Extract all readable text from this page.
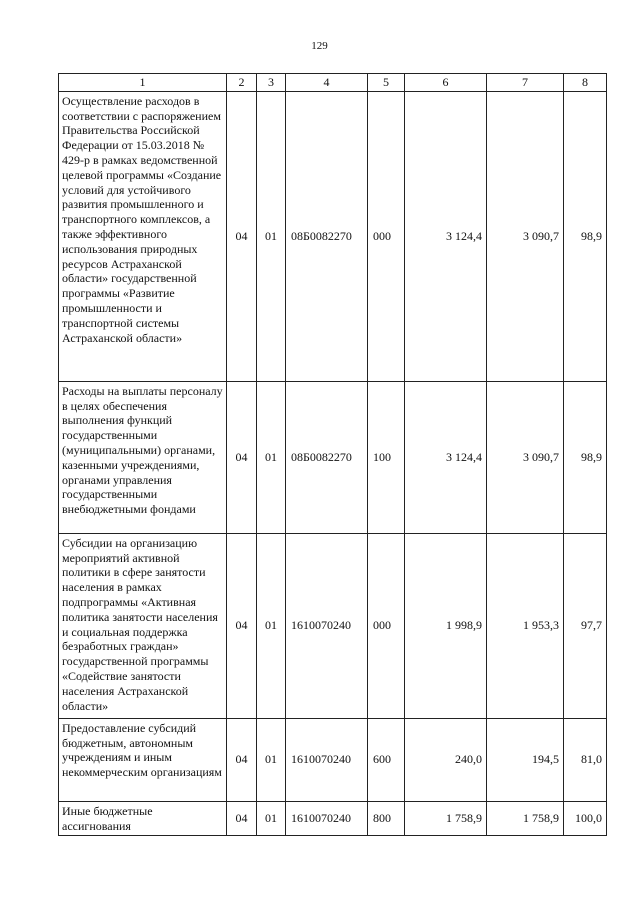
129
1	2	3	4	5	6	7	8
Осуществление расходов в соответствии с распоряжением Правительства Российской Федерации от 15.03.2018 № 429-р в рамках ведомственной целевой программы «Создание условий для устойчивого развития промышленного и транспортного комплексов, а также эффективного использования природных ресурсов Астраханской области» государственной программы «Развитие промышленности и транспортной системы Астраханской области»	04	01	08Б0082270	000	3 124,4	3 090,7	98,9
Расходы на выплаты персоналу в целях обеспечения выполнения функций государственными (муниципальными) органами, казенными учреждениями, органами управления государственными внебюджетными фондами	04	01	08Б0082270	100	3 124,4	3 090,7	98,9
Субсидии на организацию мероприятий активной политики в сфере занятости населения в рамках подпрограммы «Активная политика занятости населения и социальная поддержка безработных граждан» государственной программы «Содействие занятости населения Астраханской области»	04	01	1610070240	000	1 998,9	1 953,3	97,7
Предоставление субсидий бюджетным, автономным учреждениям и иным некоммерческим организациям	04	01	1610070240	600	240,0	194,5	81,0
Иные бюджетные ассигнования	04	01	1610070240	800	1 758,9	1 758,9	100,0
